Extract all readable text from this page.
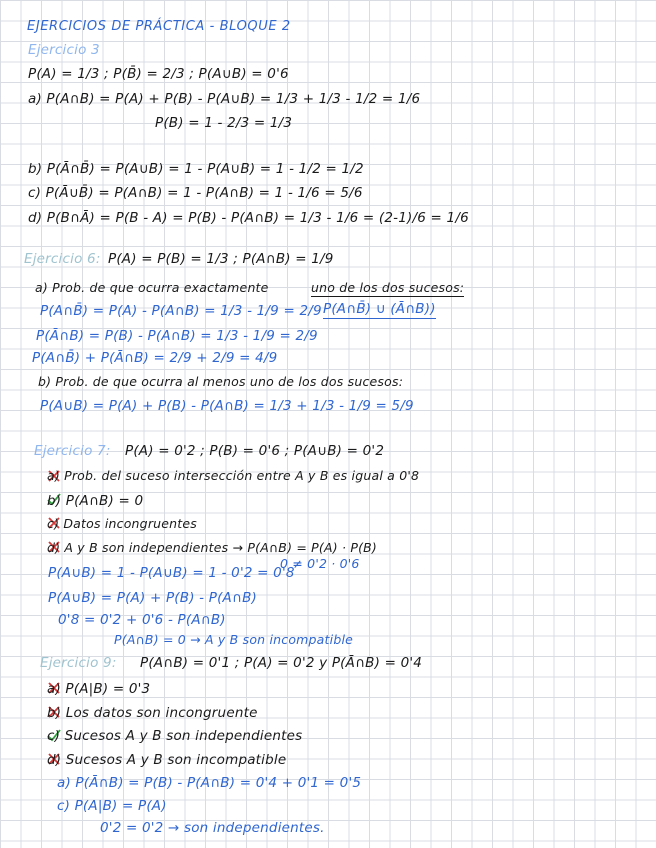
EJERCICIOS DE PRÁCTICA - BLOQUE 2
Ejercicio 3
P(A) = 1/3 ; P(B̄) = 2/3 ; P(A∪B) = 0'6
a) P(A∩B) = P(A) + P(B) - P(A∪B) = 1/3 + 1/3 - 1/2 = 1/6
P(B) = 1 - 2/3 = 1/3
b) P(Ā∩B̄) = P(A∪B) = 1 - P(A∪B) = 1 - 1/2 = 1/2
c) P(Ā∪B̄) = P(A∩B) = 1 - P(A∩B) = 1 - 1/6 = 5/6
d) P(B∩Ā) = P(B - A) = P(B) - P(A∩B) = 1/3 - 1/6 = (2-1)/6 = 1/6
Ejercicio 6: P(A) = P(B) = 1/3 ; P(A∩B) = 1/9
a) Prob. de que ocurra exactamente	uno de los dos sucesos:
P(A∩B̄) = P(A) - P(A∩B) = 1/3 - 1/9 = 2/9 P(A∩B̄) ∪ (Ā∩B))
P(Ā∩B) = P(B) - P(A∩B) = 1/3 - 1/9 = 2/9
P(A∩B̄) + P(Ā∩B) = 2/9 + 2/9 = 4/9
b) Prob. de que ocurra al menos uno de los dos sucesos:
P(A∪B) = P(A) + P(B) - P(A∩B) = 1/3 + 1/3 - 1/9 = 5/9
Ejercicio 7: P(A) = 0'2 ; P(B) = 0'6 ; P(A∪B) = 0'2
a) Prob. del suceso intersección entre A y B es igual a 0'8
b) P(A∩B) = 0
c) Datos incongruentes
d) A y B son independientes → P(A∩B) = P(A) · P(B)
0 ≠ 0'2 · 0'6
P(A∪B) = 1 - P(A∪B) = 1 - 0'2 = 0'8
P(A∪B) = P(A) + P(B) - P(A∩B)
0'8 = 0'2 + 0'6 - P(A∩B)
P(A∩B) = 0 → A y B son incompatible
Ejercicio 9: P(A∩B) = 0'1 ; P(A) = 0'2 y P(Ā∩B) = 0'4
a) P(A|B) = 0'3
b) Los datos son incongruente
c) Sucesos A y B son independientes
d) Sucesos A y B son incompatible
a) P(Ā∩B) = P(B) - P(A∩B) = 0'4 + 0'1 = 0'5
c) P(A|B) = P(A)
0'2 = 0'2 → son independientes.
